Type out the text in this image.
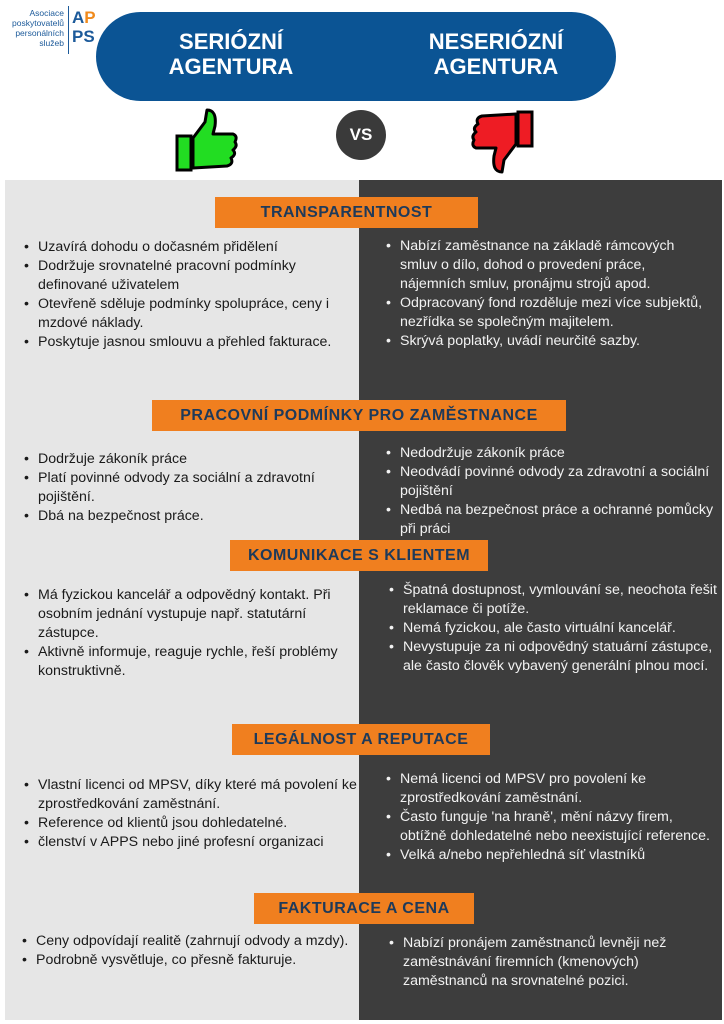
Asociace
poskytovatelů
personálních
služeb
AP
PS	SERIÓZNÍ AGENTURA
NESERIÓZNÍ AGENTURA
VS
TRANSPARENTNOST
• Uzavírá dohodu o dočasném přidělení
• Dodržuje srovnatelné pracovní podmínky definované uživatelem
• Otevřeně sděluje podmínky spolupráce, ceny i mzdové náklady.
• Poskytuje jasnou smlouvu a přehled fakturace.
• Nabízí zaměstnance na základě rámcových smluv o dílo, dohod o provedení práce, nájemních smluv, pronájmu strojů apod.
• Odpracovaný fond rozděluje mezi více subjektů, nezřídka se společným majitelem.
• Skrývá poplatky, uvádí neurčité sazby.
PRACOVNÍ PODMÍNKY PRO ZAMĚSTNANCE
• Dodržuje zákoník práce
• Platí povinné odvody za sociální a zdravotní pojištění.
• Dbá na bezpečnost práce.
• Nedodržuje zákoník práce
• Neodvádí povinné odvody za zdravotní a sociální pojištění
• Nedbá na bezpečnost práce a ochranné pomůcky při práci
KOMUNIKACE S KLIENTEM
• Má fyzickou kancelář a odpovědný kontakt. Při osobním jednání vystupuje např. statutární zástupce.
• Aktivně informuje, reaguje rychle, řeší problémy konstruktivně.
• Špatná dostupnost, vymlouvání se, neochota řešit reklamace či potíže.
• Nemá fyzickou, ale často virtuální kancelář.
• Nevystupuje za ni odpovědný statuární zástupce, ale často člověk vybavený generální plnou mocí.
LEGÁLNOST A REPUTACE
• Vlastní licenci od MPSV, díky které má povolení ke zprostředkování zaměstnání.
• Reference od klientů jsou dohledatelné.
• členství v APPS nebo jiné profesní organizaci
• Nemá licenci od MPSV pro povolení ke zprostředkování zaměstnání.
• Často funguje 'na hraně', mění názvy firem, obtížně dohledatelné nebo neexistující reference.
• Velká a/nebo nepřehledná síť vlastníků
FAKTURACE A CENA
• Ceny odpovídají realitě (zahrnují odvody a mzdy).
• Podrobně vysvětluje, co přesně fakturuje.
• Nabízí pronájem zaměstnanců levněji než zaměstnávání firemních (kmenových) zaměstnanců na srovnatelné pozici.
